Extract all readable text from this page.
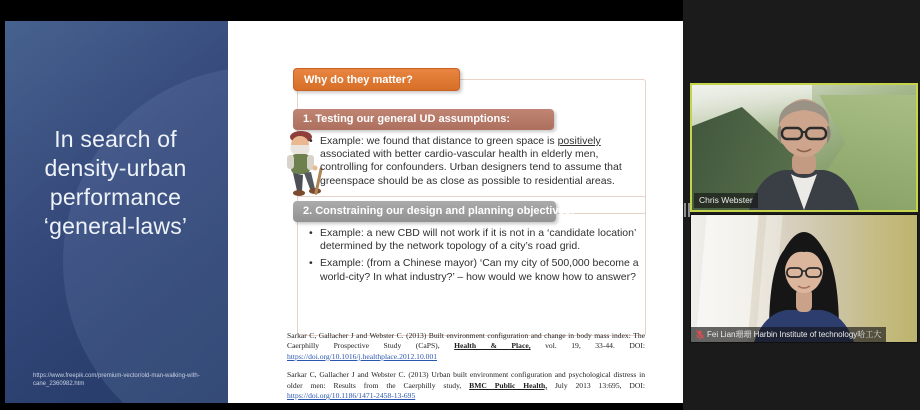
In search of
density-urban
performance
‘general-laws’
https://www.freepik.com/premium-vector/old-man-walking-with-
cane_2360982.htm
Why do they matter?
1. Testing our general UD assumptions:
• Example: we found that distance to green space is positively associated with better cardio-vascular health in elderly men, controlling for confounders. Urban designers tend to assume that greenspace should be as close as possible to residential areas.
2. Constraining our design and planning objectives:
• Example: a new CBD will not work if it is not in a ‘candidate location’ determined by the network topology of a city’s road grid.
• Example: (from a Chinese mayor) ‘Can my city of 500,000 become a world-city? In what industry?’ – how would we know how to answer?

Sarkar C, Gallacher J and Webster C. (2013) Built environment configuration and change in body mass index: The Caerphilly Prospective Study (CaPS), Health & Place, vol. 19, 33-44. DOI: https://doi.org/10.1016/j.healthplace.2012.10.001

Sarkar C, Gallacher J and Webster C. (2013) Urban built environment configuration and psychological distress in older men: Results from the Caerphilly study, BMC Public Health, July 2013 13:695, DOI: https://doi.org/10.1186/1471-2458-13-695

Chris Webster
Fei Lian珊珊 Harbin Institute of technology哈工大
